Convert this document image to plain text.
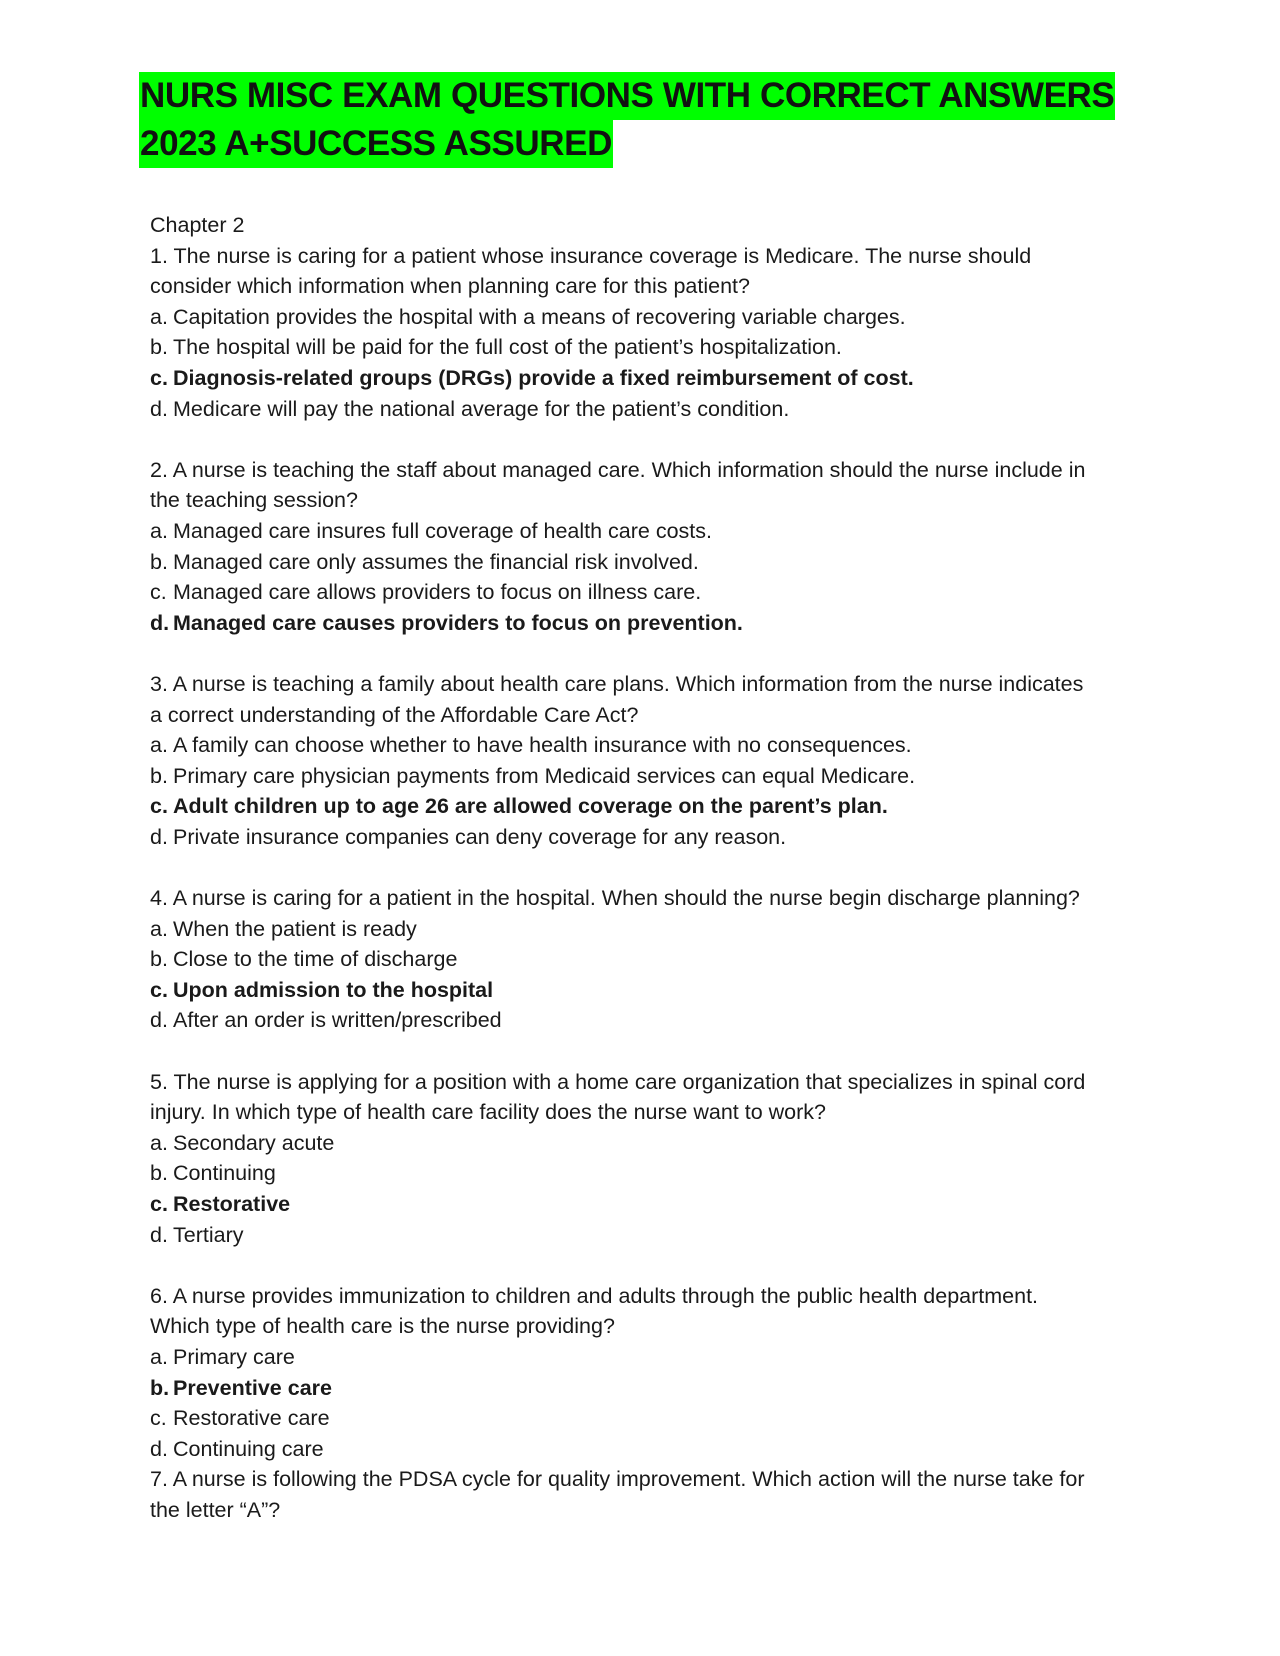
NURS MISC EXAM QUESTIONS WITH CORRECT ANSWERS
2023 A+SUCCESS ASSURED

Chapter 2

1. The nurse is caring for a patient whose insurance coverage is Medicare. The nurse should consider which information when planning care for this patient?

a. Capitation provides the hospital with a means of recovering variable charges.

b. The hospital will be paid for the full cost of the patient’s hospitalization.

c. Diagnosis-related groups (DRGs) provide a fixed reimbursement of cost.

d. Medicare will pay the national average for the patient’s condition.

2. A nurse is teaching the staff about managed care. Which information should the nurse include in the teaching session?

a. Managed care insures full coverage of health care costs.

b. Managed care only assumes the financial risk involved.

c. Managed care allows providers to focus on illness care.

d. Managed care causes providers to focus on prevention.

3. A nurse is teaching a family about health care plans. Which information from the nurse indicates a correct understanding of the Affordable Care Act?

a. A family can choose whether to have health insurance with no consequences.

b. Primary care physician payments from Medicaid services can equal Medicare.

c. Adult children up to age 26 are allowed coverage on the parent’s plan.

d. Private insurance companies can deny coverage for any reason.

4. A nurse is caring for a patient in the hospital. When should the nurse begin discharge planning?

a. When the patient is ready

b. Close to the time of discharge

c. Upon admission to the hospital

d. After an order is written/prescribed

5. The nurse is applying for a position with a home care organization that specializes in spinal cord injury. In which type of health care facility does the nurse want to work?

a. Secondary acute

b. Continuing

c. Restorative

d. Tertiary

6. A nurse provides immunization to children and adults through the public health department. Which type of health care is the nurse providing?

a. Primary care

b. Preventive care

c. Restorative care

d. Continuing care

7. A nurse is following the PDSA cycle for quality improvement. Which action will the nurse take for the letter “A”?
